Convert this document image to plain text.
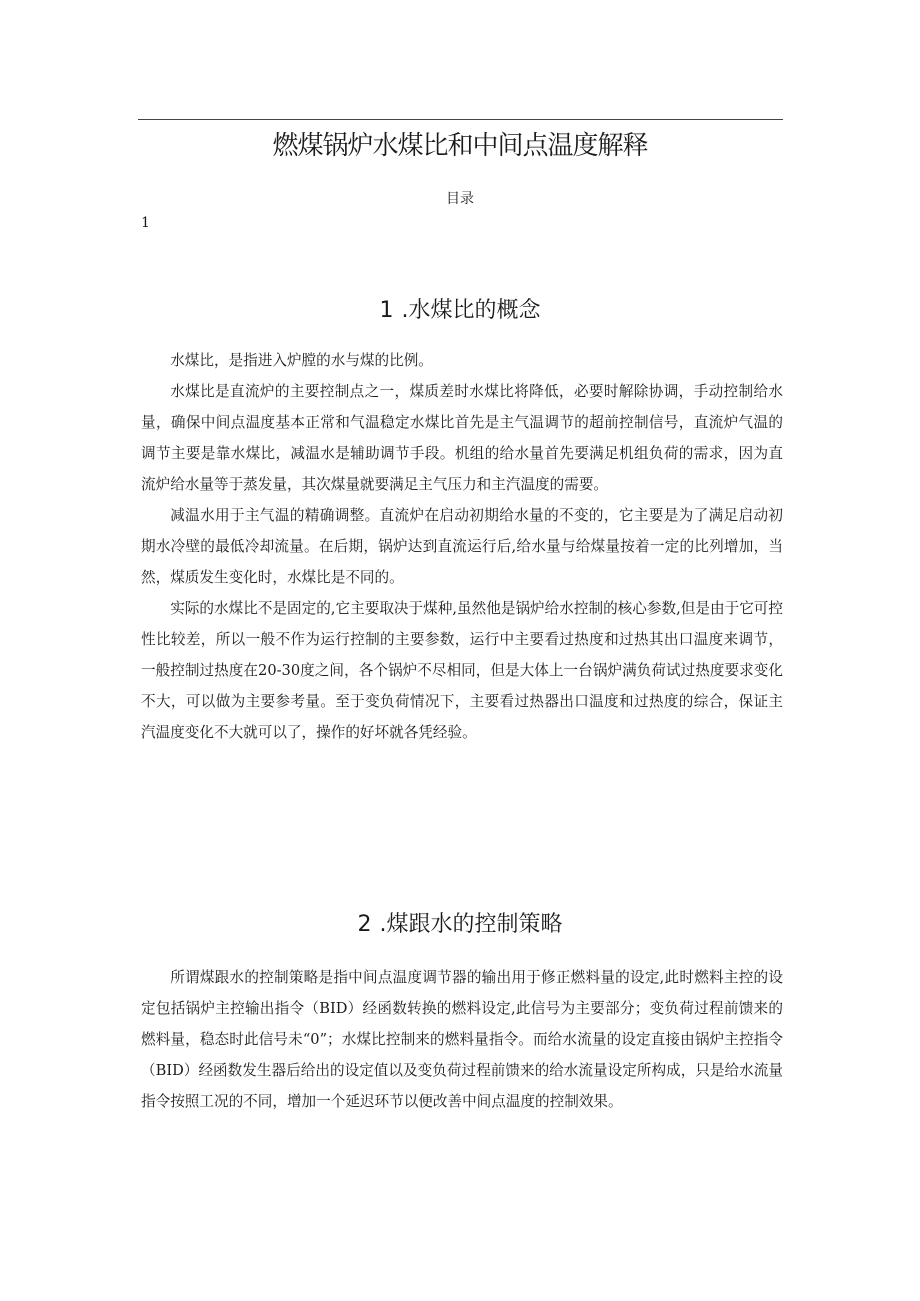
燃煤锅炉水煤比和中间点温度解释
目录
1
1 .水煤比的概念

水煤比，是指进入炉膛的水与煤的比例。

水煤比是直流炉的主要控制点之一，煤质差时水煤比将降低，必要时解除协调，手动控制给水量，确保中间点温度基本正常和气温稳定水煤比首先是主气温调节的超前控制信号，直流炉气温的调节主要是靠水煤比，减温水是辅助调节手段。机组的给水量首先要满足机组负荷的需求，因为直流炉给水量等于蒸发量，其次煤量就要满足主气压力和主汽温度的需要。

减温水用于主气温的精确调整。直流炉在启动初期给水量的不变的，它主要是为了满足启动初期水冷壁的最低冷却流量。在后期，锅炉达到直流运行后,给水量与给煤量按着一定的比列增加，当然，煤质发生变化时，水煤比是不同的。

实际的水煤比不是固定的,它主要取决于煤种,虽然他是锅炉给水控制的核心参数,但是由于它可控性比较差，所以一般不作为运行控制的主要参数，运行中主要看过热度和过热其出口温度来调节，一般控制过热度在20-30度之间，各个锅炉不尽相同，但是大体上一台锅炉满负荷试过热度要求变化不大，可以做为主要参考量。至于变负荷情况下，主要看过热器出口温度和过热度的综合，保证主汽温度变化不大就可以了，操作的好坏就各凭经验。

2 .煤跟水的控制策略

所谓煤跟水的控制策略是指中间点温度调节器的输出用于修正燃料量的设定,此时燃料主控的设定包括锅炉主控输出指令（BID）经函数转换的燃料设定,此信号为主要部分；变负荷过程前馈来的燃料量，稳态时此信号未“0”；水煤比控制来的燃料量指令。而给水流量的设定直接由锅炉主控指令（BID）经函数发生器后给出的设定值以及变负荷过程前馈来的给水流量设定所构成，只是给水流量指令按照工况的不同，增加一个延迟环节以便改善中间点温度的控制效果。
